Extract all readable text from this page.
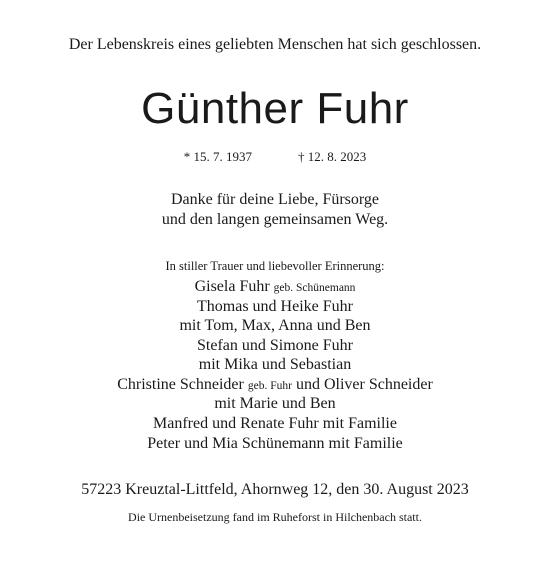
Der Lebenskreis eines geliebten Menschen hat sich geschlossen.
Günther Fuhr
* 15. 7. 1937	† 12. 8. 2023
Danke für deine Liebe, Fürsorge
und den langen gemeinsamen Weg.
In stiller Trauer und liebevoller Erinnerung:
Gisela Fuhr geb. Schünemann
Thomas und Heike Fuhr
mit Tom, Max, Anna und Ben
Stefan und Simone Fuhr
mit Mika und Sebastian
Christine Schneider geb. Fuhr und Oliver Schneider
mit Marie und Ben
Manfred und Renate Fuhr mit Familie
Peter und Mia Schünemann mit Familie
57223 Kreuztal-Littfeld, Ahornweg 12, den 30. August 2023
Die Urnenbeisetzung fand im Ruheforst in Hilchenbach statt.
